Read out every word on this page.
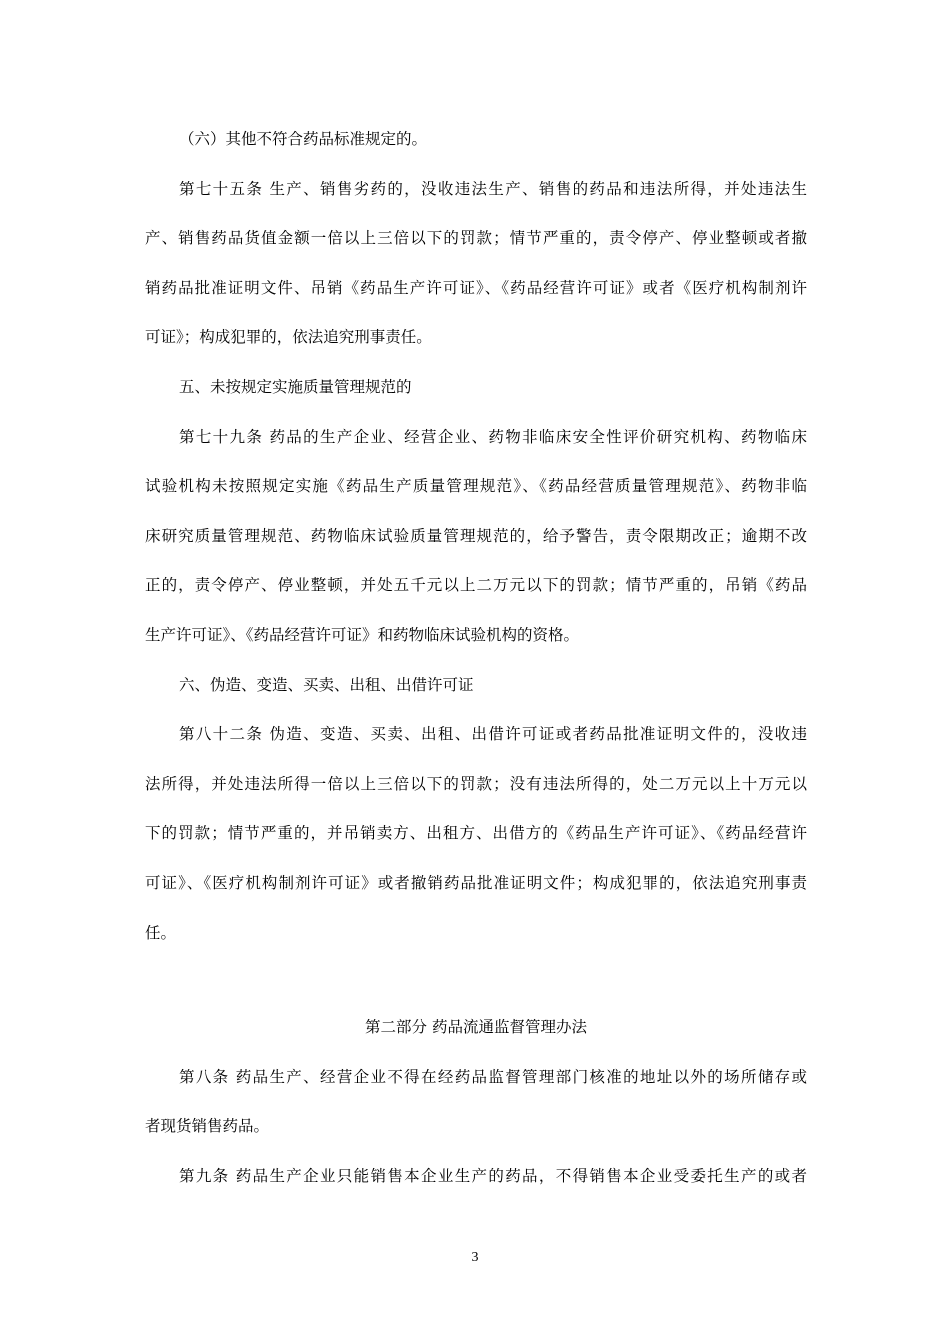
（六）其他不符合药品标准规定的。
第七十五条 生产、销售劣药的，没收违法生产、销售的药品和违法所得，并处违法生
产、销售药品货值金额一倍以上三倍以下的罚款；情节严重的，责令停产、停业整顿或者撤
销药品批准证明文件、吊销《药品生产许可证》、《药品经营许可证》或者《医疗机构制剂许
可证》；构成犯罪的，依法追究刑事责任。
五、未按规定实施质量管理规范的
第七十九条 药品的生产企业、经营企业、药物非临床安全性评价研究机构、药物临床
试验机构未按照规定实施《药品生产质量管理规范》、《药品经营质量管理规范》、药物非临
床研究质量管理规范、药物临床试验质量管理规范的，给予警告，责令限期改正；逾期不改
正的，责令停产、停业整顿，并处五千元以上二万元以下的罚款；情节严重的，吊销《药品
生产许可证》、《药品经营许可证》和药物临床试验机构的资格。
六、伪造、变造、买卖、出租、出借许可证
第八十二条 伪造、变造、买卖、出租、出借许可证或者药品批准证明文件的，没收违
法所得，并处违法所得一倍以上三倍以下的罚款；没有违法所得的，处二万元以上十万元以
下的罚款；情节严重的，并吊销卖方、出租方、出借方的《药品生产许可证》、《药品经营许
可证》、《医疗机构制剂许可证》或者撤销药品批准证明文件；构成犯罪的，依法追究刑事责
任。
第二部分 药品流通监督管理办法
第八条 药品生产、经营企业不得在经药品监督管理部门核准的地址以外的场所储存或
者现货销售药品。
第九条 药品生产企业只能销售本企业生产的药品，不得销售本企业受委托生产的或者
3
